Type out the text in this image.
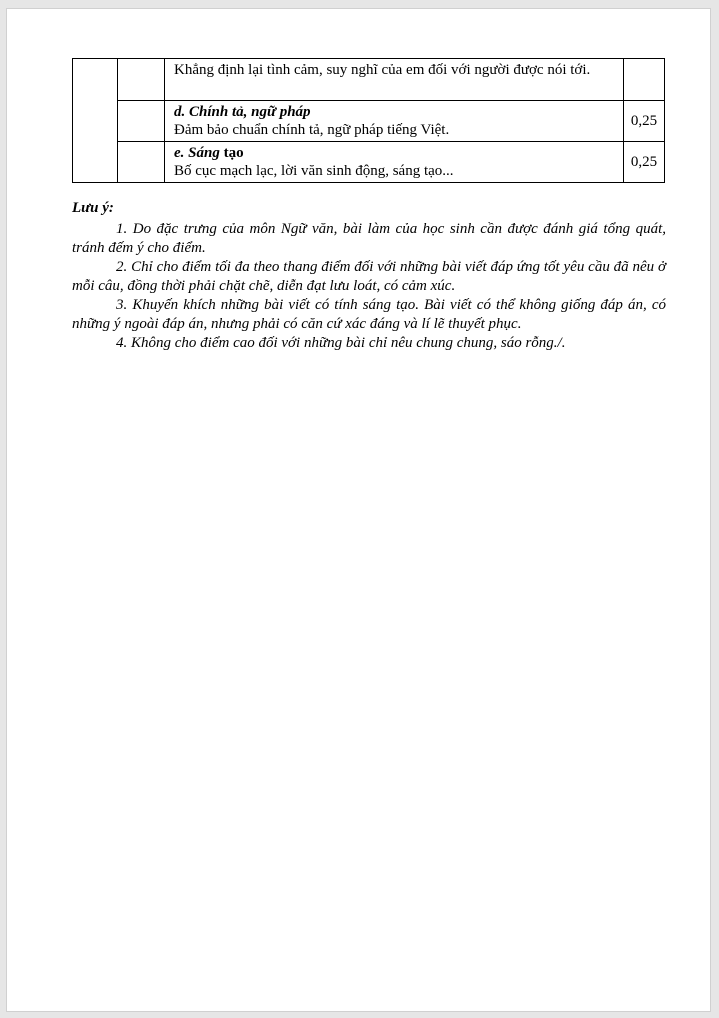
		Khẳng định lại tình cảm, suy nghĩ của em đối với người được nói tới.	

		d. Chính tả, ngữ pháp
Đảm bảo chuẩn chính tả, ngữ pháp tiếng Việt.	0,25

		e. Sáng tạo
Bố cục mạch lạc, lời văn sinh động, sáng tạo...	0,25
Lưu ý:

1. Do đặc trưng của môn Ngữ văn, bài làm của học sinh cần được đánh giá tổng quát, tránh đếm ý cho điểm.

2. Chỉ cho điểm tối đa theo thang điểm đối với những bài viết đáp ứng tốt yêu cầu đã nêu ở mỗi câu, đồng thời phải chặt chẽ, diễn đạt lưu loát, có cảm xúc.

3. Khuyến khích những bài viết có tính sáng tạo. Bài viết có thể không giống đáp án, có những ý ngoài đáp án, nhưng phải có căn cứ xác đáng và lí lẽ thuyết phục.

4. Không cho điểm cao đối với những bài chỉ nêu chung chung, sáo rỗng./.
